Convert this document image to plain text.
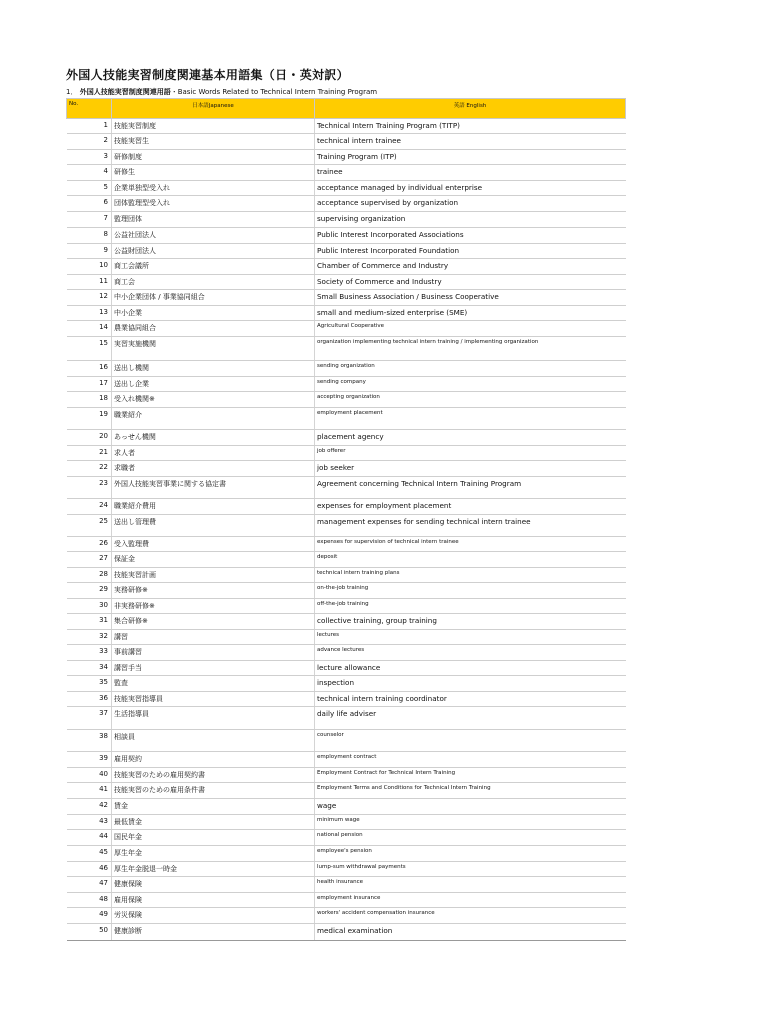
外国人技能実習制度関連基本用語集（日・英対訳）
1． 外国人技能実習制度関連用語・Basic Words Related to Technical Intern Training Program
No.	日本語Japanese	英語 English
1	技能実習制度	Technical Intern Training Program (TITP)
2	技能実習生	technical intern trainee
3	研修制度	Training Program (ITP)
4	研修生	trainee
5	企業単独型受入れ	acceptance managed by individual enterprise
6	団体監理型受入れ	acceptance supervised by organization
7	監理団体	supervising organization
8	公益社団法人	Public Interest Incorporated Associations
9	公益財団法人	Public Interest Incorporated Foundation
10	商工会議所	Chamber of Commerce and Industry
11	商工会	Society of Commerce and Industry
12	中小企業団体 / 事業協同組合	Small Business Association / Business Cooperative
13	中小企業	small and medium-sized enterprise (SME)
14	農業協同組合	Agricultural Cooperative
15	実習実施機関	organization implementing technical intern training / implementing organization
16	送出し機関	sending organization
17	送出し企業	sending company
18	受入れ機関※	accepting organization
19	職業紹介	employment placement
20	あっせん機関	placement agency
21	求人者	job offerer
22	求職者	job seeker
23	外国人技能実習事業に関する協定書	Agreement concerning Technical Intern Training Program
24	職業紹介費用	expenses for employment placement
25	送出し管理費	management expenses for sending technical intern trainee
26	受入監理費	expenses for supervision of technical intern trainee
27	保証金	deposit
28	技能実習計画	technical intern training plans
29	実務研修※	on-the-job training
30	非実務研修※	off-the-job training
31	集合研修※	collective training, group training
32	講習	lectures
33	事前講習	advance lectures
34	講習手当	lecture allowance
35	監査	inspection
36	技能実習指導員	technical intern training coordinator
37	生活指導員	daily life adviser
38	相談員	counselor
39	雇用契約	employment contract
40	技能実習のための雇用契約書	Employment Contract for Technical Intern Training
41	技能実習のための雇用条件書	Employment Terms and Conditions for Technical Intern Training
42	賃金	wage
43	最低賃金	minimum wage
44	国民年金	national pension
45	厚生年金	employee's pension
46	厚生年金脱退一時金	lump-sum withdrawal payments
47	健康保険	health insurance
48	雇用保険	employment insurance
49	労災保険	workers' accident compensation insurance
50	健康診断	medical examination
